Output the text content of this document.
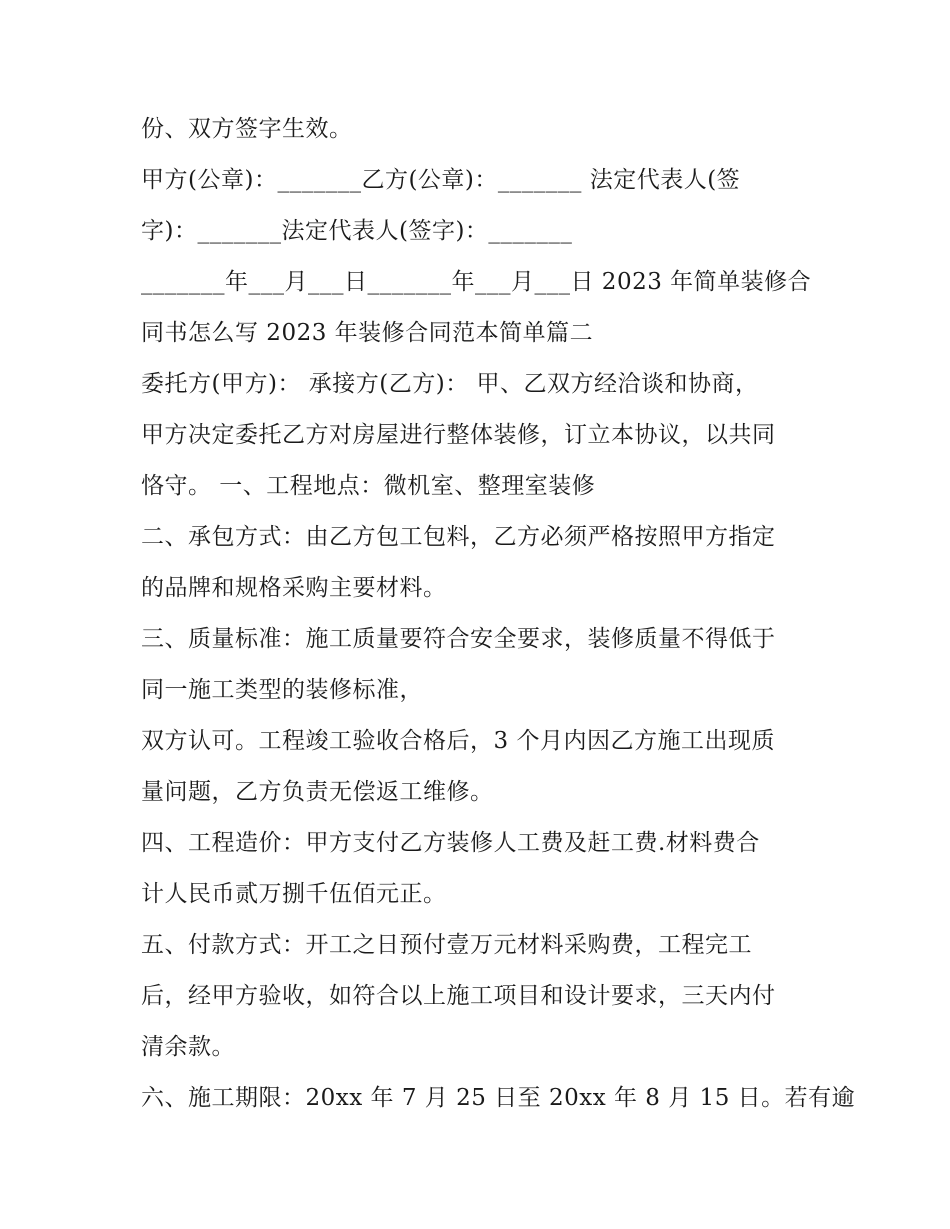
份、双方签字生效。

甲方(公章)：_______乙方(公章)：_______ 法定代表人(签

字)：_______法定代表人(签字)：_______

_______年___月___日_______年___月___日 2023 年简单装修合

同书怎么写 2023 年装修合同范本简单篇二

委托方(甲方)： 承接方(乙方)： 甲、乙双方经洽谈和协商，

甲方决定委托乙方对房屋进行整体装修，订立本协议，以共同

恪守。 一、工程地点：微机室、整理室装修

二、承包方式：由乙方包工包料，乙方必须严格按照甲方指定

的品牌和规格采购主要材料。

三、质量标准：施工质量要符合安全要求，装修质量不得低于

同一施工类型的装修标准，

双方认可。工程竣工验收合格后，3 个月内因乙方施工出现质

量问题，乙方负责无偿返工维修。

四、工程造价：甲方支付乙方装修人工费及赶工费.材料费合

计人民币贰万捌千伍佰元正。

五、付款方式：开工之日预付壹万元材料采购费，工程完工

后，经甲方验收，如符合以上施工项目和设计要求，三天内付

清余款。

六、施工期限：20xx 年 7 月 25 日至 20xx 年 8 月 15 日。若有逾
